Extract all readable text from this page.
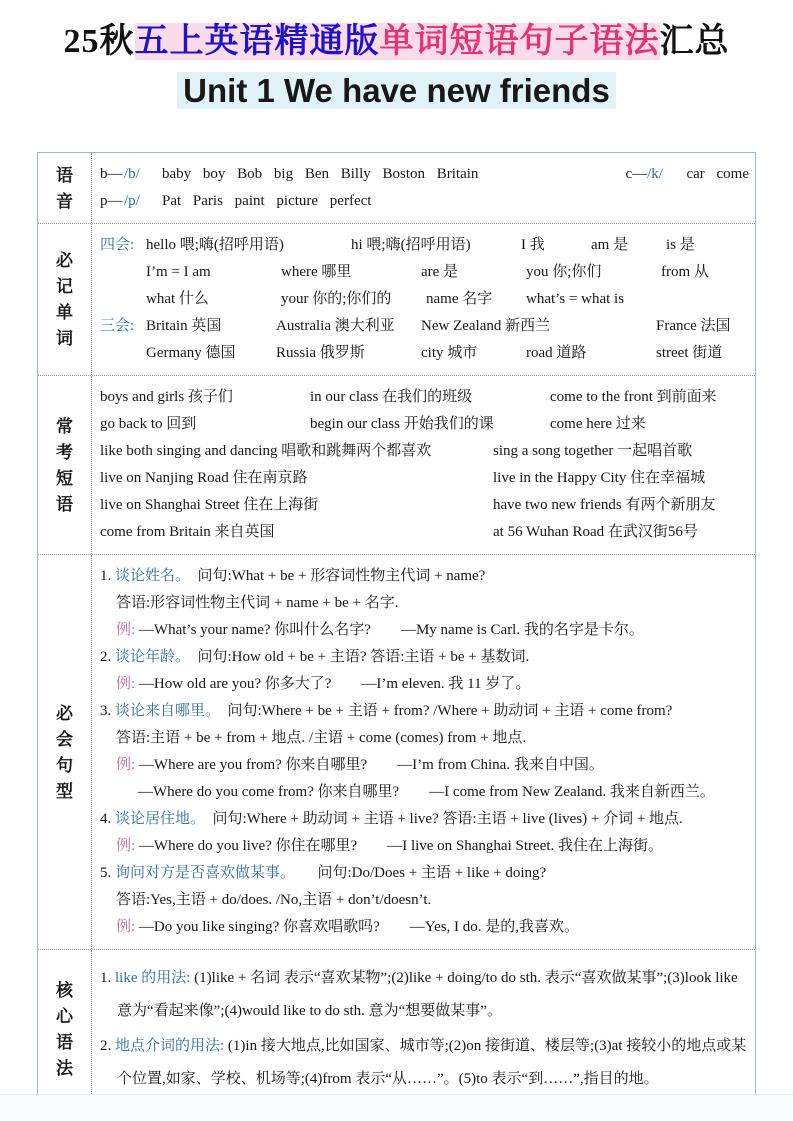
25秋五上英语精通版单词短语句子语法汇总
Unit 1 We have new friends
语
音
b— /b/	baby boy Bob big Ben Billy Boston Britain	c— /k/ car come
p— /p/ Pat Paris paint picture perfect
必
记
单
词
四会: hello 喂;嗨(招呼用语)	hi 喂;嗨(招呼用语)	I 我	am 是	is 是
I’m = I am	where 哪里	are 是	you 你;你们	from 从
what 什么	your 你的;你们的 name 名字 what’s = what is
三会: Britain 英国	Australia 澳大利亚 New Zealand 新西兰	France 法国
Germany 德国	Russia 俄罗斯	city 城市	road 道路	street 街道
常
考
短
语
boys and girls 孩子们	in our class 在我们的班级	come to the front 到前面来
go back to 回到	begin our class 开始我们的课	come here 过来
like both singing and dancing 唱歌和跳舞两个都喜欢	sing a song together 一起唱首歌
live on Nanjing Road 住在南京路	live in the Happy City 住在幸福城
live on Shanghai Street 住在上海街	have two new friends 有两个新朋友
come from Britain 来自英国	at 56 Wuhan Road 在武汉街56号
必
会
句
型
1. 谈论姓名。　问句:What + be + 形容词性物主代词 + name?
答语:形容词性物主代词 + name + be + 名字.
例: —What’s your name? 你叫什么名字?　　—My name is Carl. 我的名字是卡尔。
2. 谈论年龄。　问句:How old + be + 主语? 答语:主语 + be + 基数词.
例: —How old are you? 你多大了?　　—I’m eleven. 我 11 岁了。
3. 谈论来自哪里。　问句:Where + be + 主语 + from? /Where + 助动词 + 主语 + come from?
答语:主语 + be + from + 地点. /主语 + come (comes) from + 地点.
例: —Where are you from? 你来自哪里?　　—I’m from China. 我来自中国。
—Where do you come from? 你来自哪里?　　—I come from New Zealand. 我来自新西兰。
4. 谈论居住地。　问句:Where + 助动词 + 主语 + live? 答语:主语 + live (lives) + 介词 + 地点.
例: —Where do you live? 你住在哪里?　　—I live on Shanghai Street. 我住在上海街。
5. 询问对方是否喜欢做某事。　　问句:Do/Does + 主语 + like + doing?
答语:Yes,主语 + do/does. /No,主语 + don’t/doesn’t.
例: —Do you like singing? 你喜欢唱歌吗?　　—Yes, I do. 是的,我喜欢。
核
心
语
法
1. like 的用法: (1)like + 名词 表示“喜欢某物”;(2)like + doing/to do sth. 表示“喜欢做某事”;(3)look like 意为“看起来像”;(4)would like to do sth. 意为“想要做某事”。
2. 地点介词的用法: (1)in 接大地点,比如国家、城市等;(2)on 接街道、楼层等;(3)at 接较小的地点或某个位置,如家、学校、机场等;(4)from 表示“从……”。(5)to 表示“到……”,指目的地。
